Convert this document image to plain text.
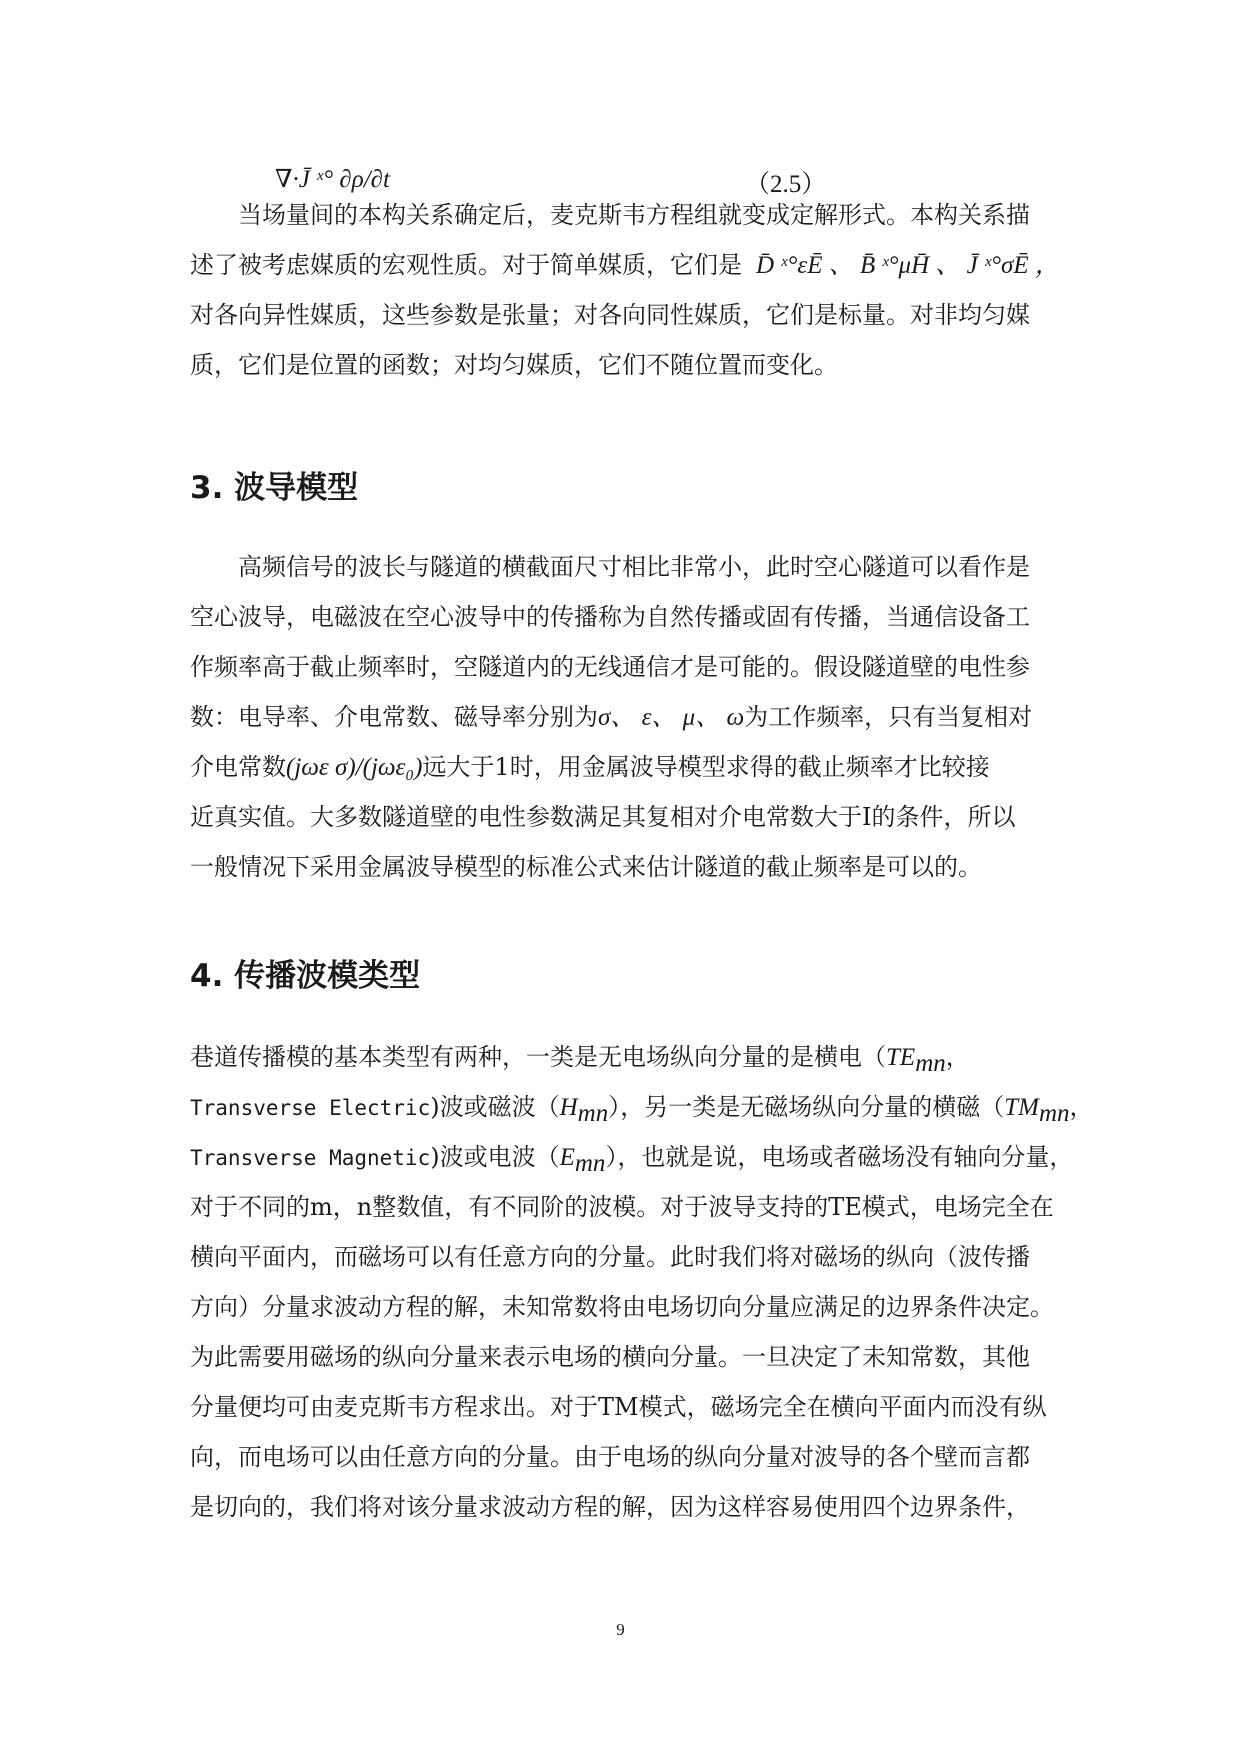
∇·J̄ ˣ° ∂ρ/∂t	（2.5）

当场量间的本构关系确定后，麦克斯韦方程组就变成定解形式。本构关系描
述了被考虑媒质的宏观性质。对于简单媒质，它们是 D̄ ˣ°εĒ 、 B̄ ˣ°μH̄ 、 J̄ ˣ°σĒ ，
对各向异性媒质，这些参数是张量；对各向同性媒质，它们是标量。对非均匀媒
质，它们是位置的函数；对均匀媒质，它们不随位置而变化。

3. 波导模型

高频信号的波长与隧道的横截面尺寸相比非常小，此时空心隧道可以看作是
空心波导，电磁波在空心波导中的传播称为自然传播或固有传播，当通信设备工
作频率高于截止频率时，空隧道内的无线通信才是可能的。假设隧道壁的电性参
数：电导率、介电常数、磁导率分别为σ、 ε、 μ、 ω为工作频率，只有当复相对
介电常数(jωε σ)/(jωε₀)远大于1时，用金属波导模型求得的截止频率才比较接
近真实值。大多数隧道壁的电性参数满足其复相对介电常数大于I的条件，所以
一般情况下采用金属波导模型的标准公式来估计隧道的截止频率是可以的。

4. 传播波模类型

巷道传播模的基本类型有两种，一类是无电场纵向分量的是横电（$TE_{mn}$，
Transverse Electric)波或磁波$(H_{mn})$，另一类是无磁场纵向分量的横磁（$TM_{mn}$，
Transverse Magnetic)波或电波$(E_{mn})$，也就是说，电场或者磁场没有轴向分量，
对于不同的m，n整数值，有不同阶的波模。对于波导支持的TE模式，电场完全在
横向平面内，而磁场可以有任意方向的分量。此时我们将对磁场的纵向（波传播
方向）分量求波动方程的解，未知常数将由电场切向分量应满足的边界条件决定。
为此需要用磁场的纵向分量来表示电场的横向分量。一旦决定了未知常数，其他
分量便均可由麦克斯韦方程求出。对于TM模式，磁场完全在横向平面内而没有纵
向，而电场可以由任意方向的分量。由于电场的纵向分量对波导的各个壁而言都
是切向的，我们将对该分量求波动方程的解，因为这样容易使用四个边界条件，

9
